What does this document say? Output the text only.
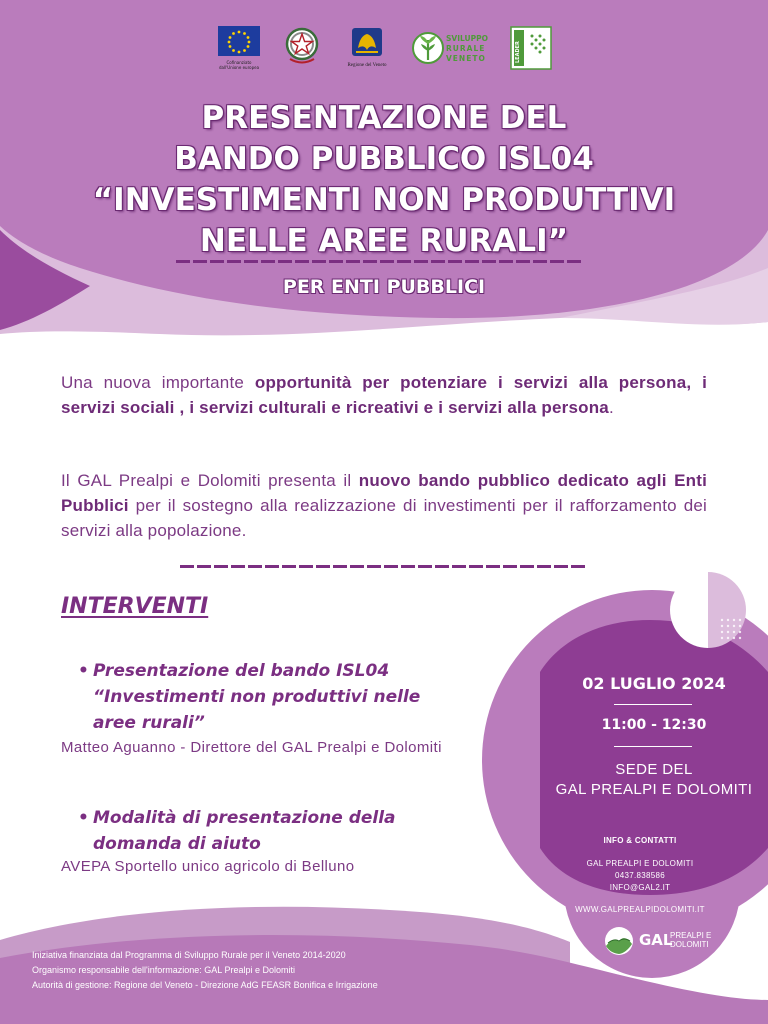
Cofinanziato dall'Unione europea	Regione del Veneto
SVILUPPO
RURALE
VENETO	LEADER
PRESENTAZIONE DEL
BANDO PUBBLICO ISL04
“INVESTIMENTI NON PRODUTTIVI
NELLE AREE RURALI”
PER ENTI PUBBLICI
Una nuova importante opportunità per potenziare i servizi alla persona, i servizi sociali , i servizi culturali e ricreativi e i servizi alla persona.
Il GAL Prealpi e Dolomiti presenta il nuovo bando pubblico dedicato agli Enti Pubblici per il sostegno alla realizzazione di investimenti per il rafforzamento dei servizi alla popolazione.
INTERVENTI
• Presentazione del bando ISL04
“Investimenti non produttivi nelle
aree rurali”
Matteo Aguanno - Direttore del GAL Prealpi e Dolomiti
• Modalità di presentazione della
domanda di aiuto
AVEPA Sportello unico agricolo di Belluno
02 LUGLIO 2024
11:00 - 12:30
SEDE DEL
GAL PREALPI E DOLOMITI
INFO & CONTATTI
GAL PREALPI E DOLOMITI
0437.838586
INFO@GAL2.IT
WWW.GALPREALPIDOLOMITI.IT
GAL
PREALPI E
DOLOMITI
Iniziativa finanziata dal Programma di Sviluppo Rurale per il Veneto 2014-2020
Organismo responsabile dell'informazione: GAL Prealpi e Dolomiti
Autorità di gestione: Regione del Veneto - Direzione AdG FEASR Bonifica e Irrigazione
